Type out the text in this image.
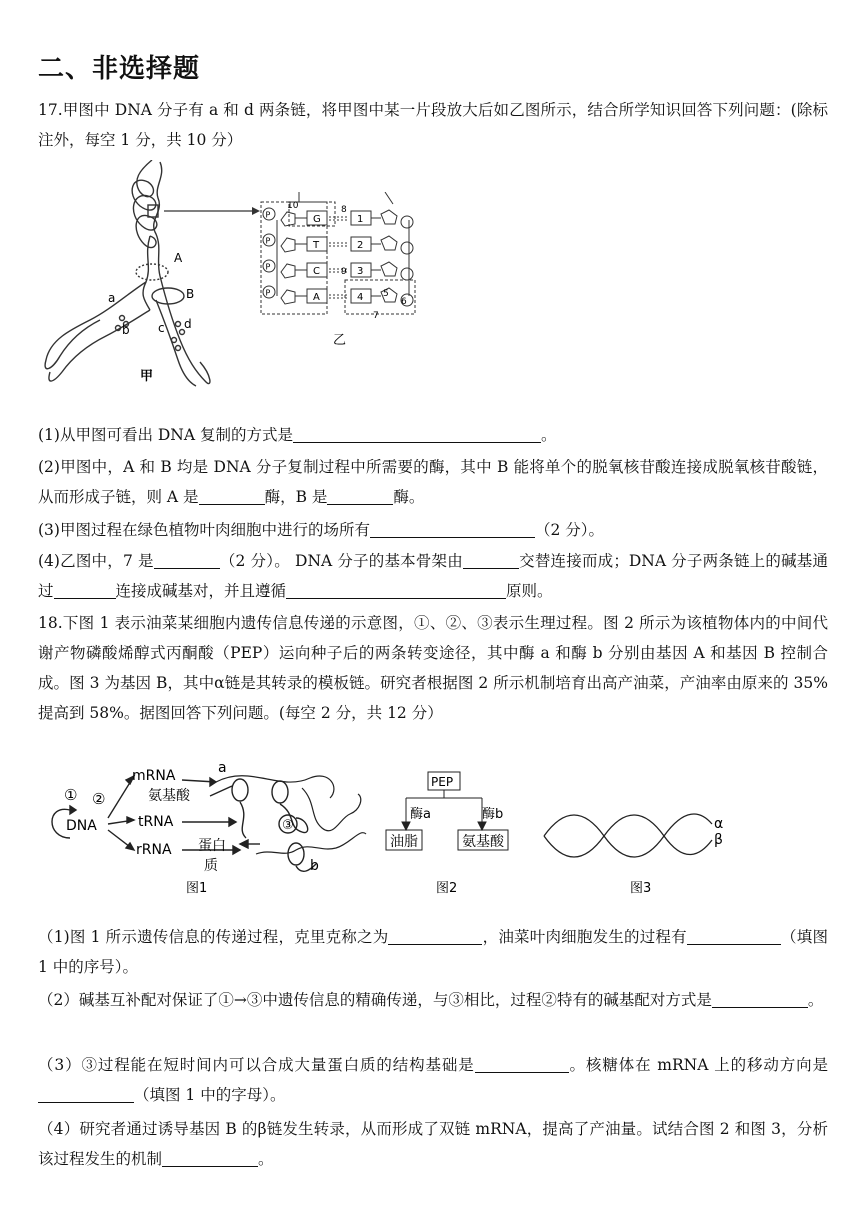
二、非选择题
17.甲图中 DNA 分子有 a 和 d 两条链，将甲图中某一片段放大后如乙图所示，结合所学知识回答下列问题：(除标注外，每空 1 分，共 10 分）
A
B
a
b c d
甲
P	G	1
P	T	2
P	C	3
P	A	4 5
6
10	8
9
7
乙
(1)从甲图可看出 DNA 复制的方式是	。
(2)甲图中，A 和 B 均是 DNA 分子复制过程中所需要的酶，其中 B 能将单个的脱氧核苷酸连接成脱氧核苷酸链，从而形成子链，则 A 是	酶，B 是	酶。
(3)甲图过程在绿色植物叶肉细胞中进行的场所有	（2 分）。
(4)乙图中，7 是	（2 分）。 DNA 分子的基本骨架由	交替连接而成；DNA 分子两条链上的碱基通过	连接成碱基对，并且遵循	原则。
18.下图 1 表示油菜某细胞内遗传信息传递的示意图，①、②、③表示生理过程。图 2 所示为该植物体内的中间代谢产物磷酸烯醇式丙酮酸（PEP）运向种子后的两条转变途径，其中酶 a 和酶 b 分别由基因 A 和基因 B 控制合成。图 3 为基因 B，其中α链是其转录的模板链。研究者根据图 2 所示机制培育出高产油菜，产油率由原来的 35%提高到 58%。据图回答下列问题。(每空 2 分，共 12 分）
① ②
③
DNA
mRNA
氨基酸
tRNA
rRNA 蛋白
质
a
b
图1
PEP
酶a	酶b
油脂	氨基酸
图2
α
β
图3
（1)图 1 所示遗传信息的传递过程，克里克称之为	，油菜叶肉细胞发生的过程有	（填图 1 中的序号）。
（2）碱基互补配对保证了①→③中遗传信息的精确传递，与③相比，过程②特有的碱基配对方式是	。
（3）③过程能在短时间内可以合成大量蛋白质的结构基础是	。核糖体在 mRNA 上的移动方向是（填图 1 中的字母）。
（4）研究者通过诱导基因 B 的β链发生转录，从而形成了双链 mRNA，提高了产油量。试结合图 2 和图 3，分析该过程发生的机制	。
